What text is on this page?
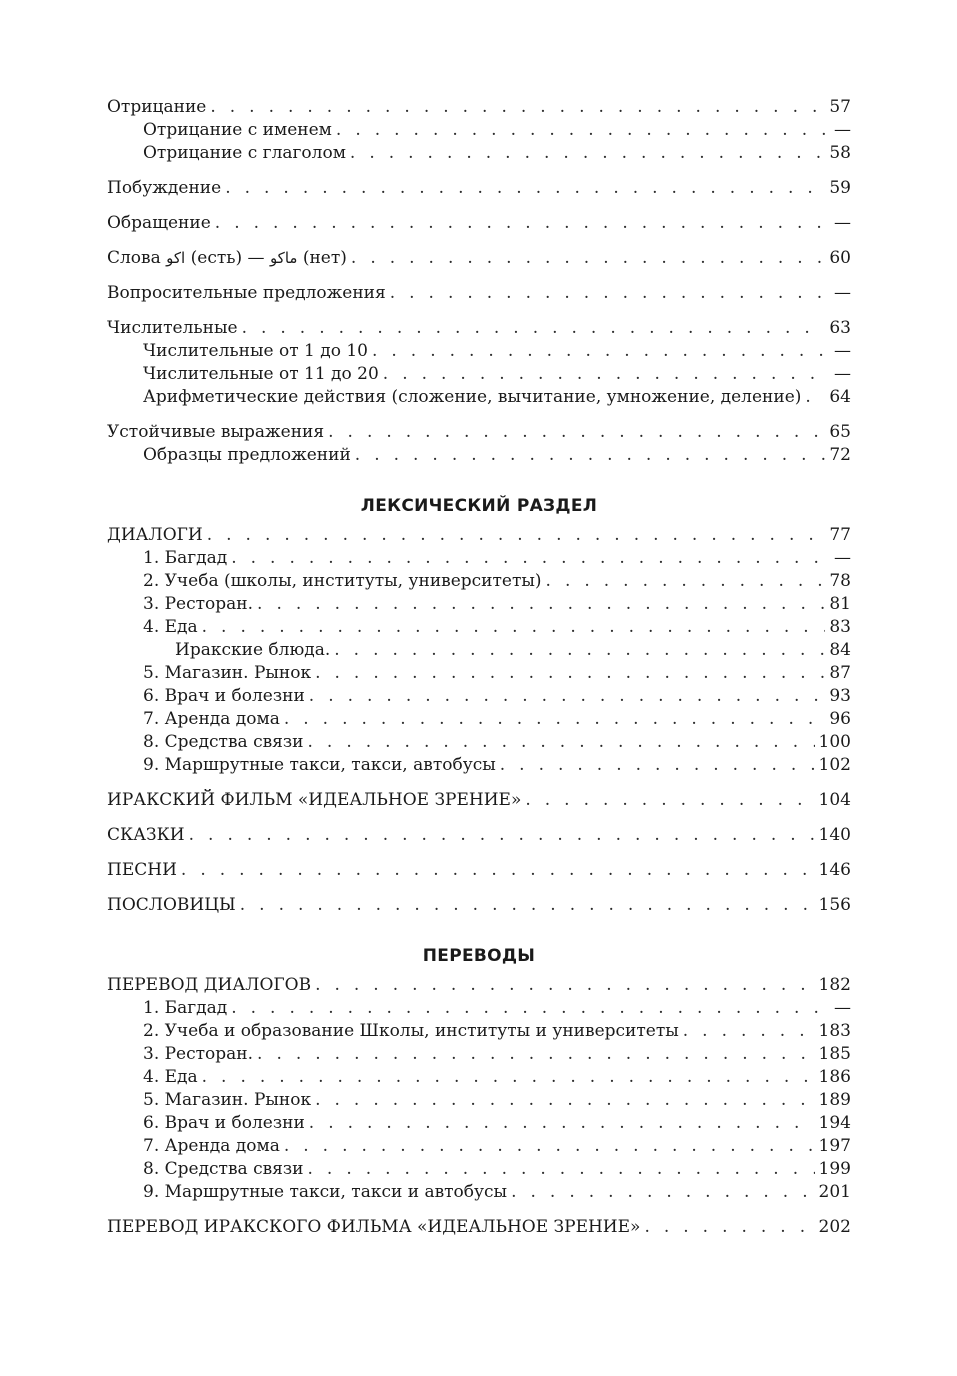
Отрицание . . .	57
Отрицание с именем . . .	—
Отрицание с глаголом . . .	58
Побуждение . . .	59
Обращение . . .	—
Слова اكو (есть) — ماكو (нет) . . .	60
Вопросительные предложения . . .	—
Числительные . . .	63
Числительные от 1 до 10 . . .	—
Числительные от 11 до 20 . . .	—
Арифметические действия (сложение, вычитание, умножение, деление) . . . 64
Устойчивые выражения . . .	65
Образцы предложений . . .	72
ЛЕКСИЧЕСКИЙ РАЗДЕЛ
ДИАЛОГИ . . .	77
1. Багдад . . .	—
2. Учеба (школы, институты, университеты) . . .	78
3. Ресторан. . . .	81
4. Еда . . .	83
Иракские блюда. . . .	84
5. Магазин. Рынок . . .	87
6. Врач и болезни . . .	93
7. Аренда дома . . .	96
8. Средства связи . . .	100
9. Маршрутные такси, такси, автобусы . . .	102
ИРАКСКИЙ ФИЛЬМ «ИДЕАЛЬНОЕ ЗРЕНИЕ» . . .	104
СКАЗКИ . . .	140
ПЕСНИ . . .	146
ПОСЛОВИЦЫ . . .	156
ПЕРЕВОДЫ
ПЕРЕВОД ДИАЛОГОВ . . .	182
1. Багдад . . .	—
2. Учеба и образование Школы, институты и университеты . . .	183
3. Ресторан. . . .	185
4. Еда . . .	186
5. Магазин. Рынок . . .	189
6. Врач и болезни . . .	194
7. Аренда дома . . .	197
8. Средства связи . . .	199
9. Маршрутные такси, такси и автобусы . . .	201
ПЕРЕВОД ИРАКСКОГО ФИЛЬМА «ИДЕАЛЬНОЕ ЗРЕНИЕ» . . .	202
